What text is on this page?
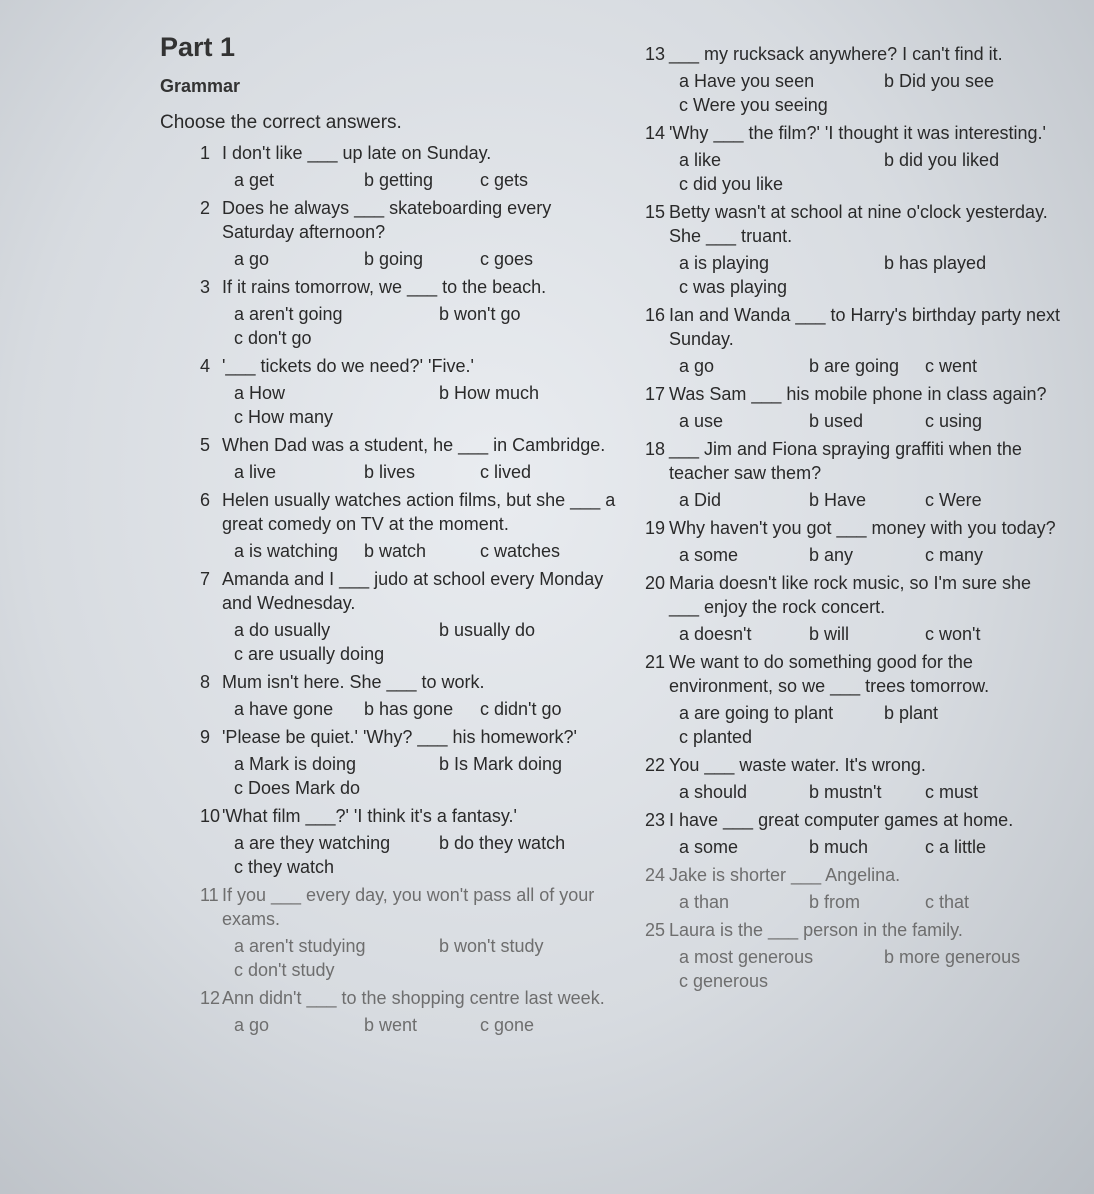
Part 1
Grammar
Choose the correct answers.
1 I don't like ___ up late on Sunday.
a get	b getting	c gets
2 Does he always ___ skateboarding every Saturday afternoon?
a go	b going	c goes
3 If it rains tomorrow, we ___ to the beach.
a aren't going	b won't go
c don't go
4 '___ tickets do we need?' 'Five.'
a How	b How much
c How many
5 When Dad was a student, he ___ in Cambridge.
a live	b lives	c lived
6 Helen usually watches action films, but she ___ a great comedy on TV at the moment.
a is watching b watch	c watches
7 Amanda and I ___ judo at school every Monday and Wednesday.
a do usually	b usually do
c are usually doing
8 Mum isn't here. She ___ to work.
a have gone b has gone c didn't go
9 'Please be quiet.' 'Why? ___ his homework?'
a Mark is doing	b Is Mark doing
c Does Mark do
10 'What film ___?' 'I think it's a fantasy.'
a are they watching	b do they watch
c they watch
11 If you ___ every day, you won't pass all of your exams.
a aren't studying	b won't study
c don't study
12 Ann didn't ___ to the shopping centre last week.
a go	b went	c gone
13 ___ my rucksack anywhere? I can't find it.
a Have you seen	b Did you see
c Were you seeing
14 'Why ___ the film?' 'I thought it was interesting.'
a like	b did you liked
c did you like
15 Betty wasn't at school at nine o'clock yesterday. She ___ truant.
a is playing	b has played
c was playing
16 Ian and Wanda ___ to Harry's birthday party next Sunday.
a go	b are going c went
17 Was Sam ___ his mobile phone in class again?
a use	b used	c using
18 ___ Jim and Fiona spraying graffiti when the teacher saw them?
a Did	b Have	c Were
19 Why haven't you got ___ money with you today?
a some	b any	c many
20 Maria doesn't like rock music, so I'm sure she ___ enjoy the rock concert.
a doesn't	b will	c won't
21 We want to do something good for the environment, so we ___ trees tomorrow.
a are going to plant	b plant
c planted
22 You ___ waste water. It's wrong.
a should	b mustn't c must
23 I have ___ great computer games at home.
a some	b much	c a little
24 Jake is shorter ___ Angelina.
a than	b from	c that
25 Laura is the ___ person in the family.
a most generous	b more generous
c generous
